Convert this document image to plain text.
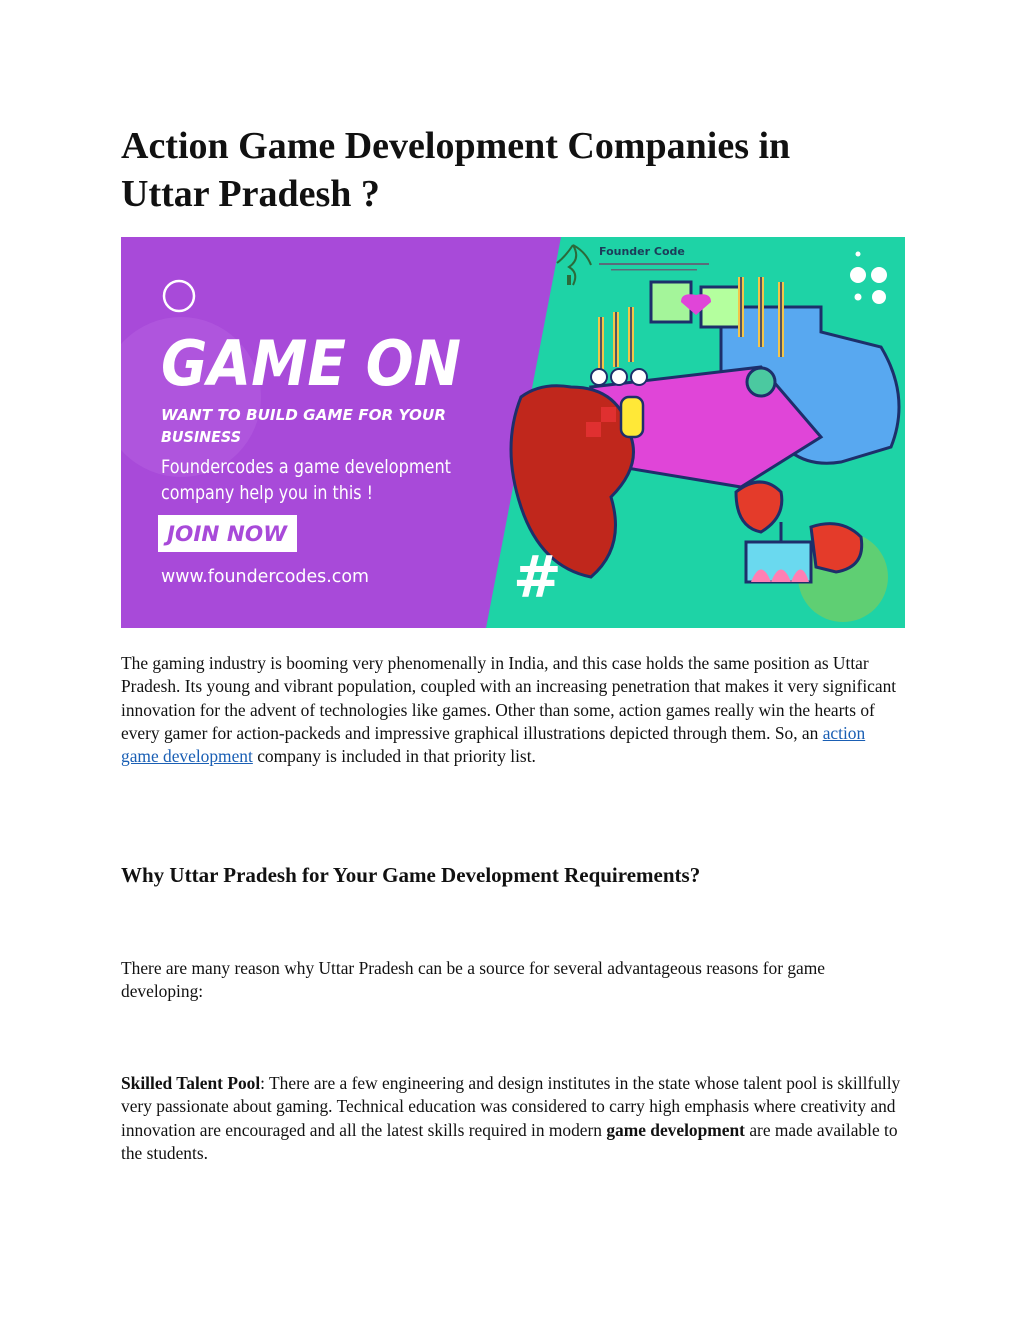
Action Game Development Companies in
Uttar Pradesh ?
Founder Code
#
GAME ON
WANT TO BUILD GAME FOR YOUR
BUSINESS
Foundercodes a game development
company help you in this !
JOIN NOW
www.foundercodes.com

The gaming industry is booming very phenomenally in India, and this case holds the same position as Uttar Pradesh. Its young and vibrant population, coupled with an increasing penetration that makes it very significant innovation for the advent of technologies like games. Other than some, action games really win the hearts of every gamer for action-packeds and impressive graphical illustrations depicted through them. So, an action game development company is included in that priority list.

Why Uttar Pradesh for Your Game Development Requirements?

There are many reason why Uttar Pradesh can be a source for several advantageous reasons for game developing:

Skilled Talent Pool: There are a few engineering and design institutes in the state whose talent pool is skillfully very passionate about gaming. Technical education was considered to carry high emphasis where creativity and innovation are encouraged and all the latest skills required in modern game development are made available to the students.
